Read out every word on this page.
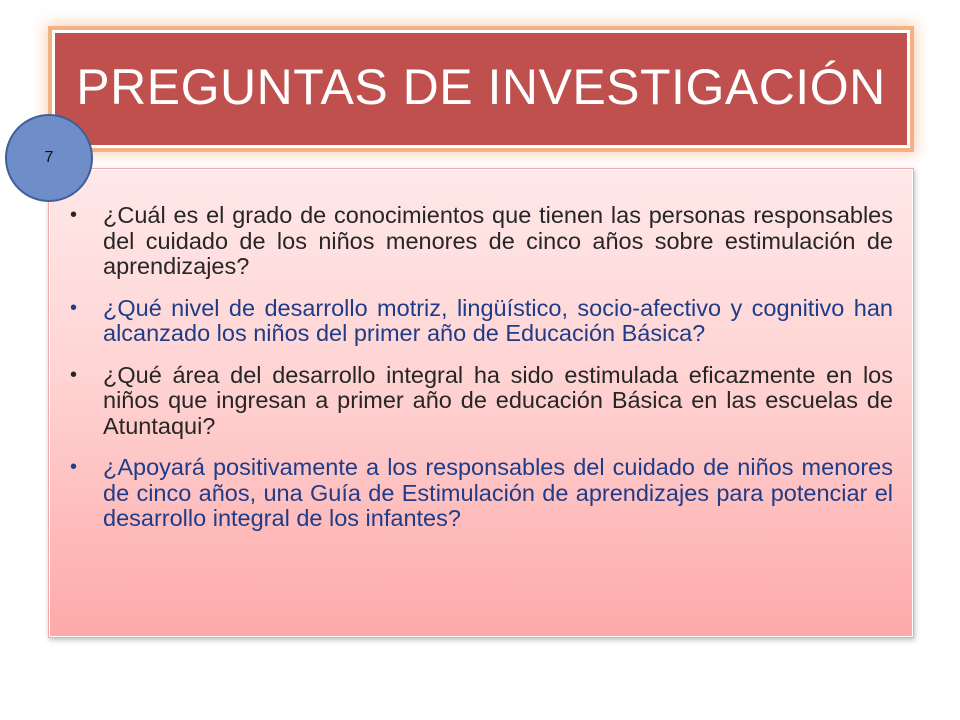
PREGUNTAS DE INVESTIGACIÓN
7
• ¿Cuál es el grado de conocimientos que tienen las personas responsables del cuidado de los niños menores de cinco años sobre estimulación de aprendizajes?
• ¿Qué nivel de desarrollo motriz, lingüístico, socio-afectivo y cognitivo han alcanzado los niños del primer año de Educación Básica?
• ¿Qué área del desarrollo integral ha sido estimulada eficazmente en los niños que ingresan a primer año de educación Básica en las escuelas de Atuntaqui?
• ¿Apoyará positivamente a los responsables del cuidado de niños menores de cinco años, una Guía de Estimulación de aprendizajes para potenciar el desarrollo integral de los infantes?
